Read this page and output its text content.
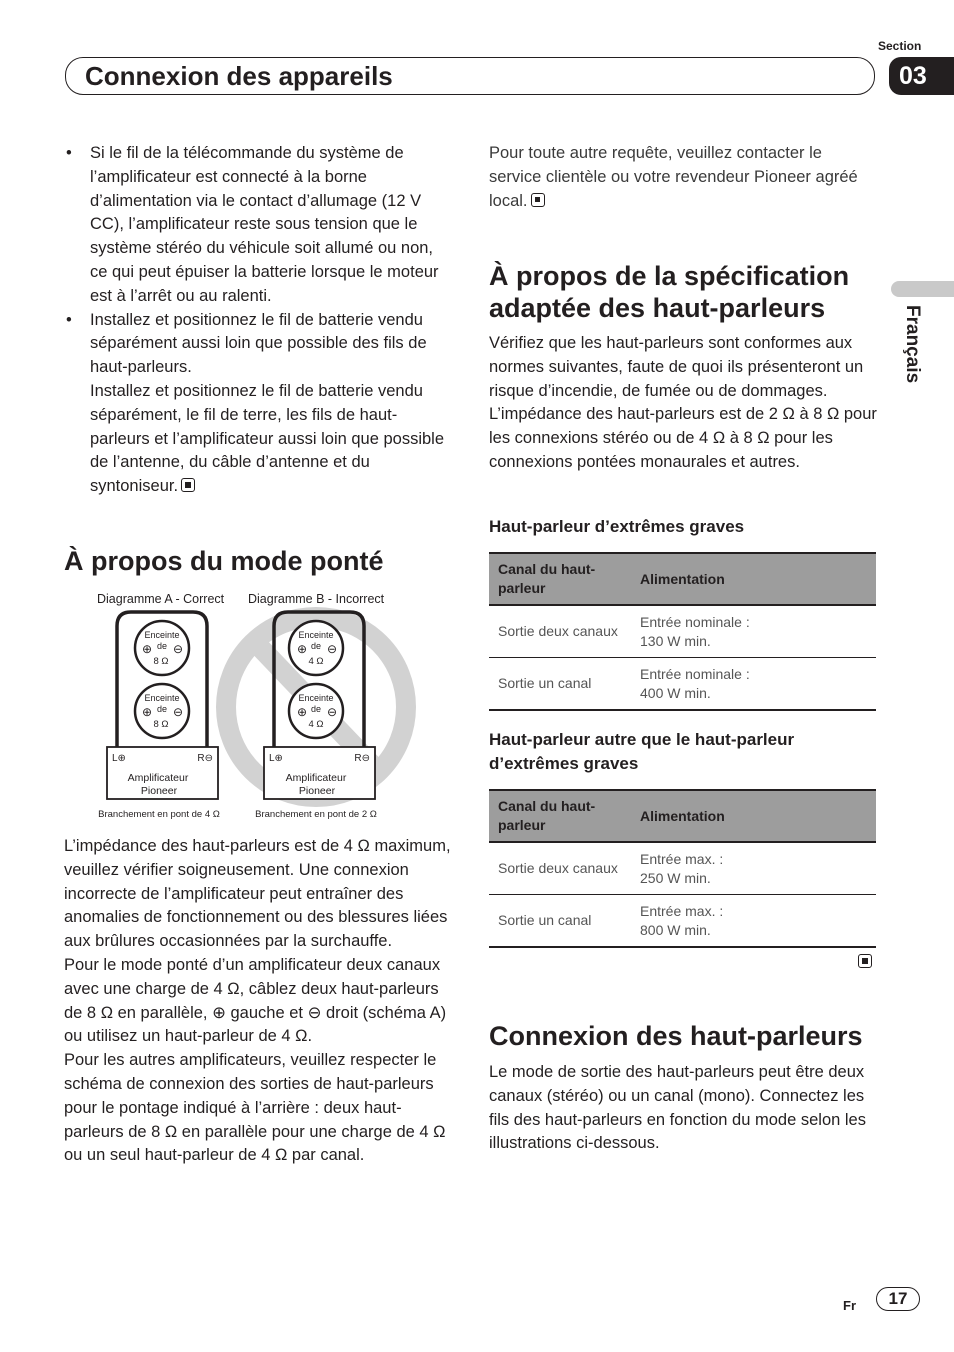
Section
Connexion des appareils	03
Français
• Si le fil de la télécommande du système de l’amplificateur est connecté à la borne d’alimentation via le contact d’allumage (12 V CC), l’amplificateur reste sous tension que le système stéréo du véhicule soit allumé ou non, ce qui peut épuiser la batterie lorsque le moteur est à l’arrêt ou au ralenti.
• Installez et positionnez le fil de batterie vendu séparément aussi loin que possible des fils de haut-parleurs.
Installez et positionnez le fil de batterie vendu séparément, le fil de terre, les fils de haut-parleurs et l’amplificateur aussi loin que possible de l’antenne, du câble d’antenne et du syntoniseur.
À propos du mode ponté
Diagramme A - Correct Diagramme B - Incorrect
Enceinte
de
⊕ ⊖
8 Ω
Enceinte
de
⊕ ⊖
8 Ω
L⊕	R⊖
Amplificateur
Pioneer
Branchement en pont de 4 Ω
Enceinte
de
⊕ ⊖
4 Ω
Enceinte
de
⊕ ⊖
4 Ω
L⊕	R⊖
Amplificateur
Pioneer
Branchement en pont de 2 Ω
L’impédance des haut-parleurs est de 4 Ω maximum, veuillez vérifier soigneusement. Une connexion incorrecte de l’amplificateur peut entraîner des anomalies de fonctionnement ou des blessures liées aux brûlures occasionnées par la surchauffe.
Pour le mode ponté d’un amplificateur deux canaux avec une charge de 4 Ω, câblez deux haut-parleurs de 8 Ω en parallèle, ⊕ gauche et ⊖ droit (schéma A) ou utilisez un haut-parleur de 4 Ω.
Pour les autres amplificateurs, veuillez respecter le schéma de connexion des sorties de haut-parleurs pour le pontage indiqué à l’arrière : deux haut-parleurs de 8 Ω en parallèle pour une charge de 4 Ω ou un seul haut-parleur de 4 Ω par canal.
Pour toute autre requête, veuillez contacter le service clientèle ou votre revendeur Pioneer agréé local.
À propos de la spécification adaptée des haut-parleurs
Vérifiez que les haut-parleurs sont conformes aux normes suivantes, faute de quoi ils présenteront un risque d’incendie, de fumée ou de dommages. L’impédance des haut-parleurs est de 2 Ω à 8 Ω pour les connexions stéréo ou de 4 Ω à 8 Ω pour les connexions pontées monaurales et autres.
Haut-parleur d’extrêmes graves
Canal du haut-parleur	Alimentation
Sortie deux canaux	Entrée nominale :
130 W min.
Sortie un canal	Entrée nominale :
400 W min.
Haut-parleur autre que le haut-parleur d’extrêmes graves
Canal du haut-parleur	Alimentation
Sortie deux canaux	Entrée max. :
250 W min.
Sortie un canal	Entrée max. :
800 W min.
Connexion des haut-parleurs
Le mode de sortie des haut-parleurs peut être deux canaux (stéréo) ou un canal (mono). Connectez les fils des haut-parleurs en fonction du mode selon les illustrations ci-dessous.
Fr	17
